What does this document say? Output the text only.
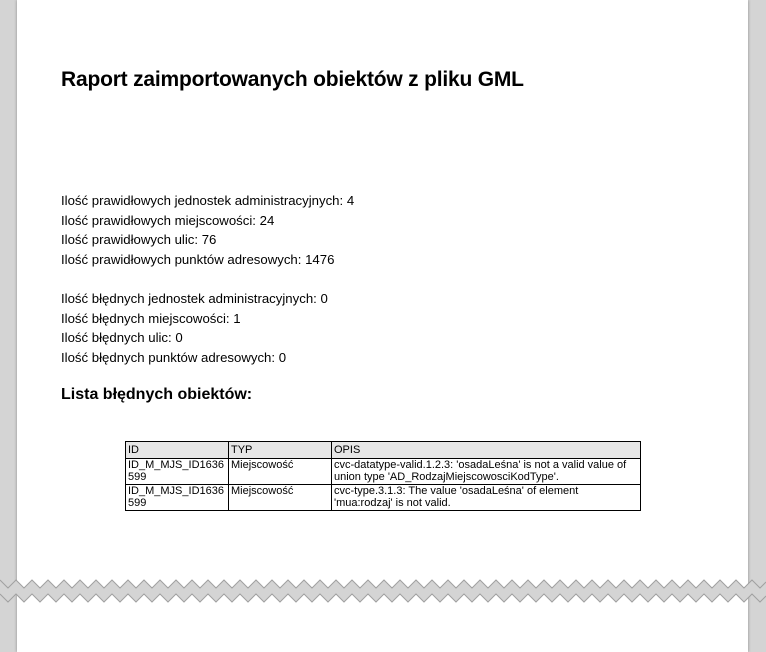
Raport zaimportowanych obiektów z pliku GML
Ilość prawidłowych jednostek administracyjnych: 4
Ilość prawidłowych miejscowości: 24
Ilość prawidłowych ulic: 76
Ilość prawidłowych punktów adresowych: 1476
Ilość błędnych jednostek administracyjnych: 0
Ilość błędnych miejscowości: 1
Ilość błędnych ulic: 0
Ilość błędnych punktów adresowych: 0
Lista błędnych obiektów:
ID	TYP	OPIS
ID_M_MJS_ID1636599	Miejscowość	cvc-datatype-valid.1.2.3: 'osadaLeśna' is not a valid value of union type 'AD_RodzajMiejscowosciKodType'.
ID_M_MJS_ID1636599	Miejscowość	cvc-type.3.1.3: The value 'osadaLeśna' of element 'mua:rodzaj' is not valid.
